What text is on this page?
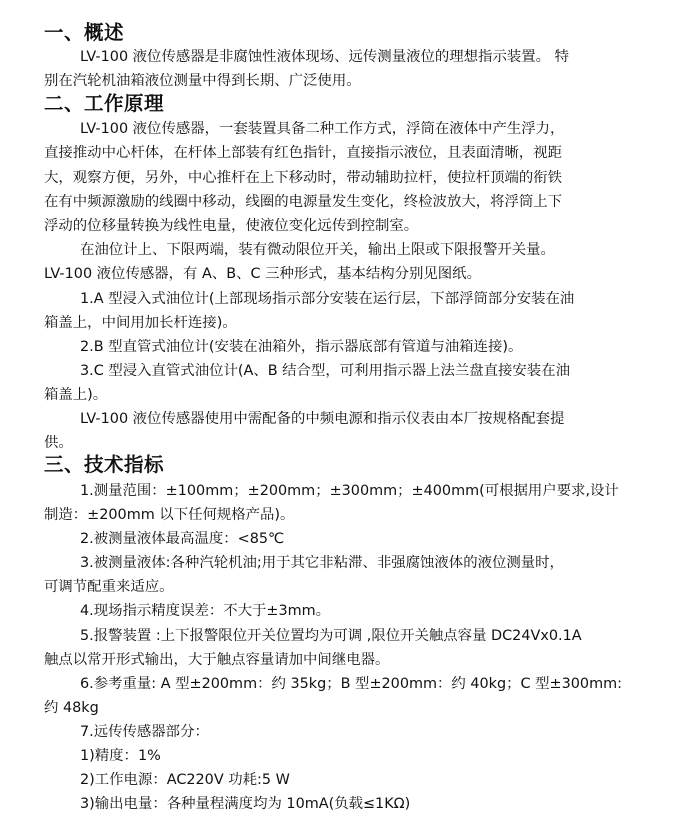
一、概述
LV-100 液位传感器是非腐蚀性液体现场、远传测量液位的理想指示装置。 特
别在汽轮机油箱液位测量中得到长期、广泛使用。
二、工作原理
LV-100 液位传感器，一套装置具备二种工作方式，浮筒在液体中产生浮力，
直接推动中心杆体，在杆体上部装有红色指针，直接指示液位，且表面清晰，视距
大，观察方便，另外，中心推杆在上下移动时，带动辅助拉杆，使拉杆顶端的衔铁
在有中频源激励的线圈中移动，线圈的电源量发生变化，终检波放大，将浮筒上下
浮动的位移量转换为线性电量，使液位变化远传到控制室。
在油位计上、下限两端，装有微动限位开关，输出上限或下限报警开关量。
LV-100 液位传感器，有 A、B、C 三种形式，基本结构分别见图纸。
1.A 型浸入式油位计(上部现场指示部分安装在运行层，下部浮筒部分安装在油
箱盖上，中间用加长杆连接)。
2.B 型直管式油位计(安装在油箱外，指示器底部有管道与油箱连接)。
3.C 型浸入直管式油位计(A、B 结合型，可利用指示器上法兰盘直接安装在油
箱盖上)。
LV-100 液位传感器使用中需配备的中频电源和指示仪表由本厂按规格配套提
供。
三、技术指标
1.测量范围：±100mm；±200mm；±300mm；±400mm(可根据用户要求,设计
制造：±200mm 以下任何规格产品)。
2.被测量液体最高温度：<85℃
3.被测量液体:各种汽轮机油;用于其它非粘滞、非强腐蚀液体的液位测量时，
可调节配重来适应。
4.现场指示精度误差：不大于±3mm。
5.报警装置 :上下报警限位开关位置均为可调 ,限位开关触点容量 DC24Vx0.1A
触点以常开形式输出，大于触点容量请加中间继电器。
6.参考重量: A 型±200mm：约 35kg；B 型±200mm：约 40kg；C 型±300mm:
约 48kg
7.远传传感器部分：
1)精度：1%
2)工作电源：AC220V 功耗:5 W
3)输出电量：各种量程满度均为 10mA(负载≤1KΩ)
